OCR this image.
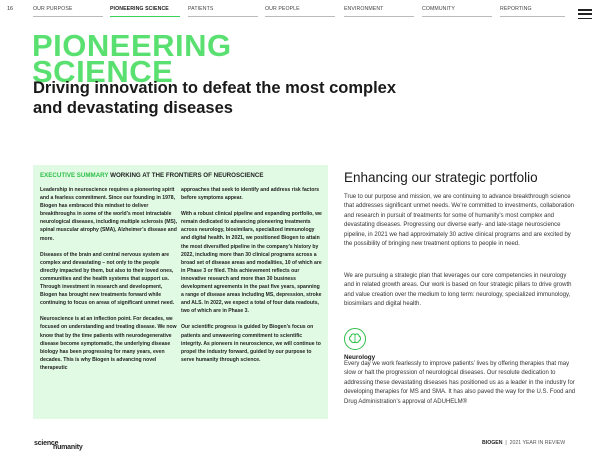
16	OUR PURPOSE	PIONEERING SCIENCE	PATIENTS	OUR PEOPLE	ENVIRONMENT	COMMUNITY	REPORTING
PIONEERING
SCIENCE
Driving innovation to defeat the most complex and devastating diseases
EXECUTIVE SUMMARY WORKING AT THE FRONTIERS OF NEUROSCIENCE

Leadership in neuroscience requires a pioneering spirit and a fearless commitment. Since our founding in 1978, Biogen has embraced this mindset to deliver breakthroughs in some of the world’s most intractable neurological diseases, including multiple sclerosis (MS), spinal muscular atrophy (SMA), Alzheimer’s disease and more.

Diseases of the brain and central nervous system are complex and devastating – not only to the people directly impacted by them, but also to their loved ones, communities and the health systems that support us. Through investment in research and development, Biogen has brought new treatments forward while continuing to focus on areas of significant unmet need.

Neuroscience is at an inflection point. For decades, we focused on understanding and treating disease. We now know that by the time patients with neurodegenerative disease become symptomatic, the underlying disease biology has been progressing for many years, even decades. This is why Biogen is advancing novel therapeutic

approaches that seek to identify and address risk factors before symptoms appear.

With a robust clinical pipeline and expanding portfolio, we remain dedicated to advancing pioneering treatments across neurology, biosimilars, specialized immunology and digital health. In 2021, we positioned Biogen to attain the most diversified pipeline in the company’s history by 2022, including more than 30 clinical programs across a broad set of disease areas and modalities, 10 of which are in Phase 3 or filed. This achievement reflects our innovative research and more than 30 business development agreements in the past five years, spanning a range of disease areas including MS, depression, stroke and ALS. In 2022, we expect a total of four data readouts, two of which are in Phase 3.

Our scientific progress is guided by Biogen’s focus on patients and unwavering commitment to scientific integrity. As pioneers in neuroscience, we will continue to propel the industry forward, guided by our purpose to serve humanity through science.

Enhancing our strategic portfolio

True to our purpose and mission, we are continuing to advance breakthrough science that addresses significant unmet needs. We’re committed to investments, collaboration and research in pursuit of treatments for some of humanity’s most complex and devastating diseases. Progressing our diverse early- and late-stage neuroscience pipeline, in 2021 we had approximately 30 active clinical programs and are excited by the possibility of bringing new treatment options to people in need.

We are pursuing a strategic plan that leverages our core competencies in neurology and in related growth areas. Our work is based on four strategic pillars to drive growth and value creation over the medium to long term: neurology, specialized immunology, biosimilars and digital health.

Neurology

Every day we work fearlessly to improve patients’ lives by offering therapies that may slow or halt the progression of neurological diseases. Our resolute dedication to addressing these devastating diseases has positioned us as a leader in the industry for developing therapies for MS and SMA. It has also paved the way for the U.S. Food and Drug Administration’s approval of ADUHELM®

science
humanity
BIOGEN  |  2021 YEAR IN REVIEW
